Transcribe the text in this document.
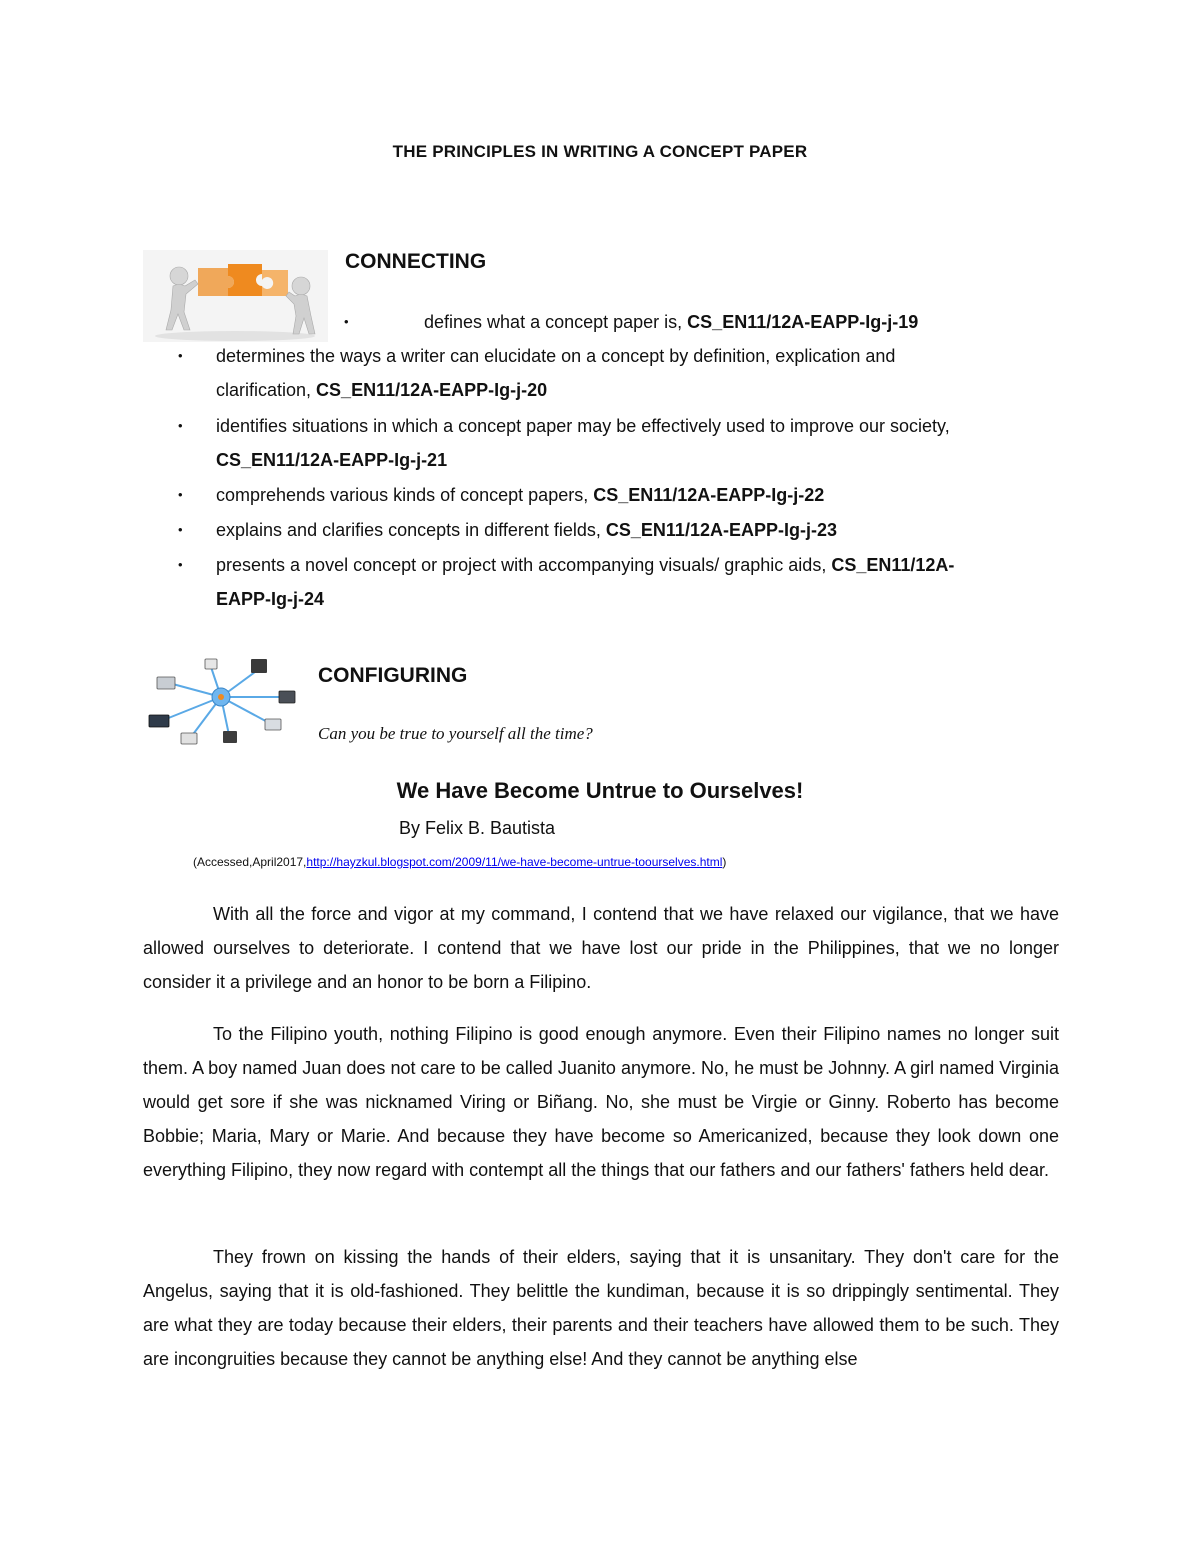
THE PRINCIPLES IN WRITING A CONCEPT PAPER
CONNECTING
•	defines what a concept paper is, CS_EN11/12A-EAPP-Ig-j-19
• determines the ways a writer can elucidate on a concept by definition, explication and
clarification, CS_EN11/12A-EAPP-Ig-j-20
• identifies situations in which a concept paper may be effectively used to improve our society,
CS_EN11/12A-EAPP-Ig-j-21
• comprehends various kinds of concept papers, CS_EN11/12A-EAPP-Ig-j-22
• explains and clarifies concepts in different fields, CS_EN11/12A-EAPP-Ig-j-23
• presents a novel concept or project with accompanying visuals/ graphic aids, CS_EN11/12A-
EAPP-Ig-j-24
CONFIGURING
Can you be true to yourself all the time?
We Have Become Untrue to Ourselves!
By Felix B. Bautista
(Accessed,April2017,http://hayzkul.blogspot.com/2009/11/we-have-become-untrue-toourselves.html)

With all the force and vigor at my command, I contend that we have relaxed our vigilance, that we have allowed ourselves to deteriorate. I contend that we have lost our pride in the Philippines, that we no longer consider it a privilege and an honor to be born a Filipino.

To the Filipino youth, nothing Filipino is good enough anymore. Even their Filipino names no longer suit them. A boy named Juan does not care to be called Juanito anymore. No, he must be Johnny. A girl named Virginia would get sore if she was nicknamed Viring or Biñang. No, she must be Virgie or Ginny. Roberto has become Bobbie; Maria, Mary or Marie. And because they have become so Americanized, because they look down one everything Filipino, they now regard with contempt all the things that our fathers and our fathers' fathers held dear.

They frown on kissing the hands of their elders, saying that it is unsanitary. They don't care for the Angelus, saying that it is old-fashioned. They belittle the kundiman, because it is so drippingly sentimental. They are what they are today because their elders, their parents and their teachers have allowed them to be such. They are incongruities because they cannot be anything else! And they cannot be anything else
